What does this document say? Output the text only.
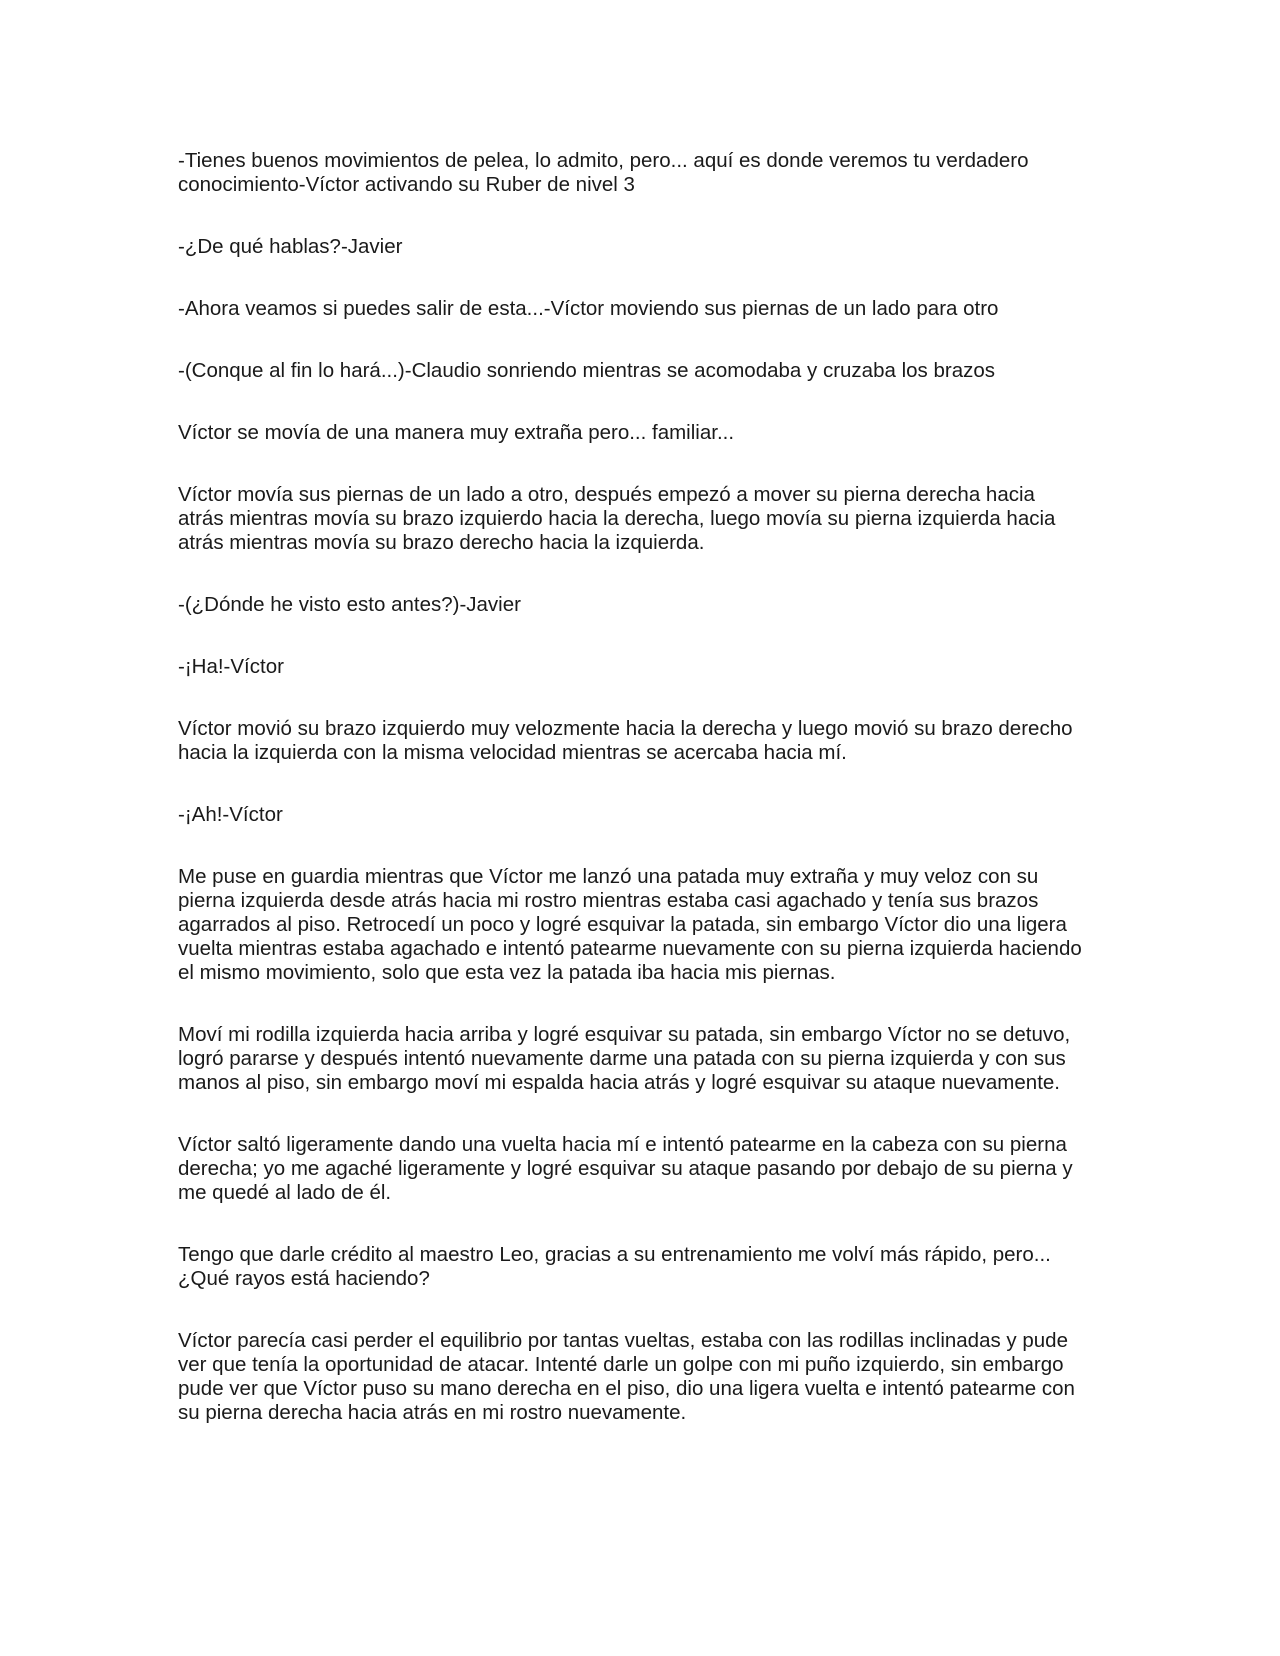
-Tienes buenos movimientos de pelea, lo admito, pero... aquí es donde veremos tu verdadero
conocimiento-Víctor activando su Ruber de nivel 3

-¿De qué hablas?-Javier

-Ahora veamos si puedes salir de esta...-Víctor moviendo sus piernas de un lado para otro

-(Conque al fin lo hará...)-Claudio sonriendo mientras se acomodaba y cruzaba los brazos

Víctor se movía de una manera muy extraña pero... familiar...

Víctor movía sus piernas de un lado a otro, después empezó a mover su pierna derecha hacia
atrás mientras movía su brazo izquierdo hacia la derecha, luego movía su pierna izquierda hacia
atrás mientras movía su brazo derecho hacia la izquierda.

-(¿Dónde he visto esto antes?)-Javier

-¡Ha!-Víctor

Víctor movió su brazo izquierdo muy velozmente hacia la derecha y luego movió su brazo derecho
hacia la izquierda con la misma velocidad mientras se acercaba hacia mí.

-¡Ah!-Víctor

Me puse en guardia mientras que Víctor me lanzó una patada muy extraña y muy veloz con su
pierna izquierda desde atrás hacia mi rostro mientras estaba casi agachado y tenía sus brazos
agarrados al piso. Retrocedí un poco y logré esquivar la patada, sin embargo Víctor dio una ligera
vuelta mientras estaba agachado e intentó patearme nuevamente con su pierna izquierda haciendo
el mismo movimiento, solo que esta vez la patada iba hacia mis piernas.

Moví mi rodilla izquierda hacia arriba y logré esquivar su patada, sin embargo Víctor no se detuvo,
logró pararse y después intentó nuevamente darme una patada con su pierna izquierda y con sus
manos al piso, sin embargo moví mi espalda hacia atrás y logré esquivar su ataque nuevamente.

Víctor saltó ligeramente dando una vuelta hacia mí e intentó patearme en la cabeza con su pierna
derecha; yo me agaché ligeramente y logré esquivar su ataque pasando por debajo de su pierna y
me quedé al lado de él.

Tengo que darle crédito al maestro Leo, gracias a su entrenamiento me volví más rápido, pero...
¿Qué rayos está haciendo?

Víctor parecía casi perder el equilibrio por tantas vueltas, estaba con las rodillas inclinadas y pude
ver que tenía la oportunidad de atacar. Intenté darle un golpe con mi puño izquierdo, sin embargo
pude ver que Víctor puso su mano derecha en el piso, dio una ligera vuelta e intentó patearme con
su pierna derecha hacia atrás en mi rostro nuevamente.
